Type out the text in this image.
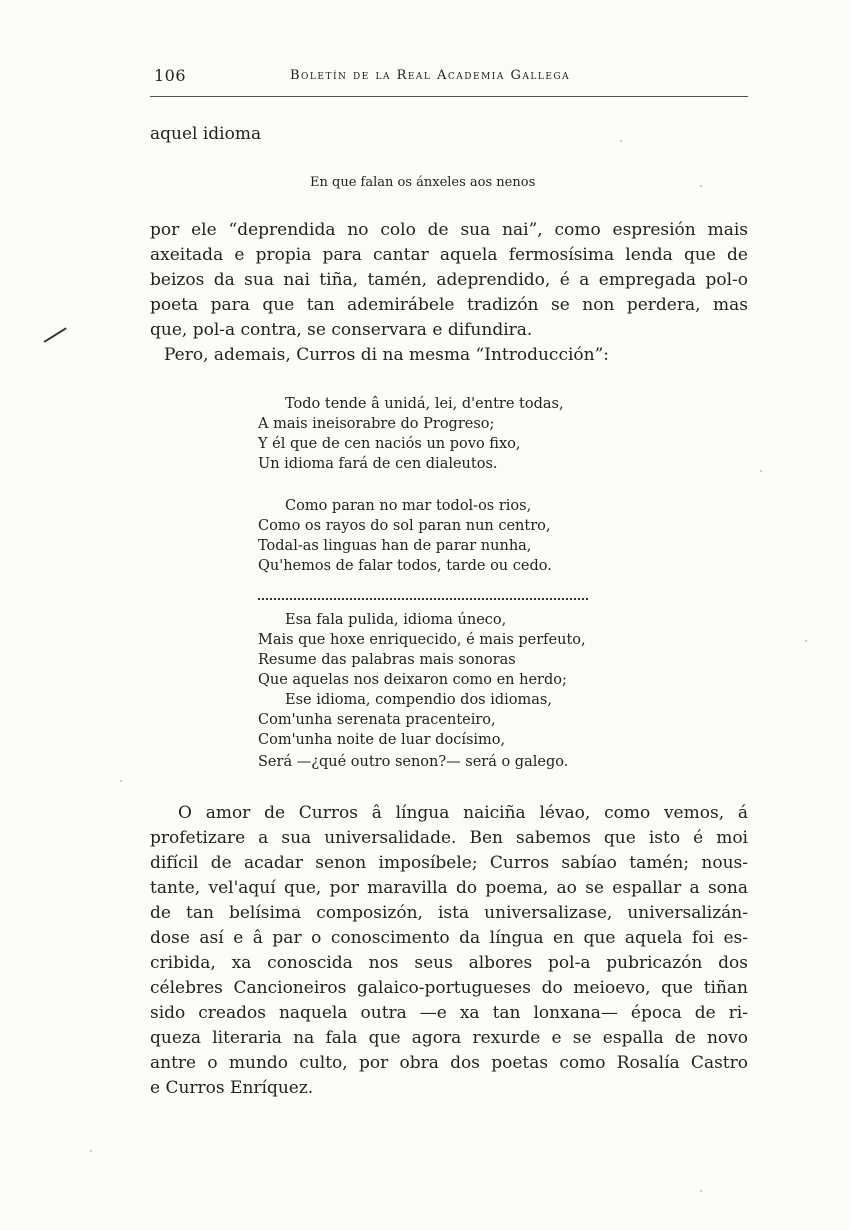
106	Boletín de la Real Academia Gallega
aquel idioma
En que falan os ánxeles aos nenos
por ele “deprendida no colo de sua nai”, como espresión mais
axeitada e propia para cantar aquela fermosísima lenda que de
beizos da sua nai tiña, tamén, adeprendido, é a empregada pol-o
poeta para que tan ademirábele tradizón se non perdera, mas
que, pol-a contra, se conservara e difundira.
Pero, ademais, Curros di na mesma “Introducción”:
Todo tende â unidá, lei, d'entre todas,
A mais ineisorabre do Progreso;
Y él que de cen naciós un povo fixo,
Un idioma fará de cen dialeutos.
Como paran no mar todol-os rios,
Como os rayos do sol paran nun centro,
Todal-as linguas han de parar nunha,
Qu'hemos de falar todos, tarde ou cedo.
Esa fala pulida, idioma úneco,
Mais que hoxe enriquecido, é mais perfeuto,
Resume das palabras mais sonoras
Que aquelas nos deixaron como en herdo;
Ese idioma, compendio dos idiomas,
Com'unha serenata pracenteiro,
Com'unha noite de luar docísimo,
Será —¿qué outro senon?— será o galego.
O amor de Curros â língua naiciña lévao, como vemos, á
profetizare a sua universalidade. Ben sabemos que isto é moi
difícil de acadar senon imposíbele; Curros sabíao tamén; nous-
tante, vel'aquí que, por maravilla do poema, ao se espallar a sona
de tan belísima composizón, ista universalizase, universalizán-
dose así e â par o conoscimento da língua en que aquela foi es-
cribida, xa conoscida nos seus albores pol-a pubricazón dos
célebres Cancioneiros galaico-portugueses do meioevo, que tiñan
sido creados naquela outra —e xa tan lonxana— época de ri-
queza literaria na fala que agora rexurde e se espalla de novo
antre o mundo culto, por obra dos poetas como Rosalía Castro
e Curros Enríquez.
